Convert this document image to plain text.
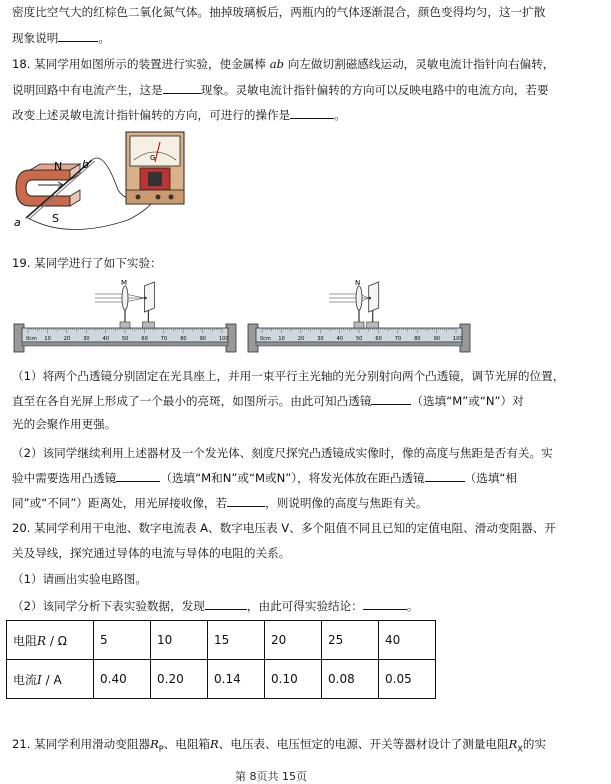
密度比空气大的红棕色二氧化氮气体。抽掉玻璃板后，两瓶内的气体逐渐混合，颜色变得均匀，这一扩散
现象说明	。
18. 某同学用如图所示的装置进行实验，使金属棒 ab 向左做切割磁感线运动，灵敏电流计指针向右偏转，
说明回路中有电流产生，这是	现象。灵敏电流计指针偏转的方向可以反映电路中的电流方向，若要
改变上述灵敏电流计指针偏转的方向，可进行的操作是	。
N
S
a
b	G
19. 某同学进行了如下实验：
0cm 10	20	30	40	50	60	70	80	90	100
M
0cm 10	20	30	40	50	60	70	80	90	100
N
（1）将两个凸透镜分别固定在光具座上，并用一束平行主光轴的光分别射向两个凸透镜，调节光屏的位置，
直至在各自光屏上形成了一个最小的亮斑，如图所示。由此可知凸透镜	（选填“M”或“N”）对
光的会聚作用更强。
（2）该同学继续利用上述器材及一个发光体、刻度尺探究凸透镜成实像时，像的高度与焦距是否有关。实
验中需要选用凸透镜	（选填“M和N”或“M或N”），将发光体放在距凸透镜	（选填“相
同”或“不同”）距离处，用光屏接收像，若	，则说明像的高度与焦距有关。
20. 某同学利用干电池、数字电流表 A、数字电压表 V、多个阻值不同且已知的定值电阻、滑动变阻器、开
关及导线，探究通过导体的电流与导体的电阻的关系。
（1）请画出实验电路图。
（2）该同学分析下表实验数据，发现	，由此可得实验结论：	。
电阻R / Ω	5	10	15	20	25	40
电流I / A	0.40	0.20	0.14	0.10	0.08	0.05
21. 某同学利用滑动变阻器$R_P$、电阻箱R、电压表、电压恒定的电源、开关等器材设计了测量电阻$R_X$的实
第 8页共 15页
